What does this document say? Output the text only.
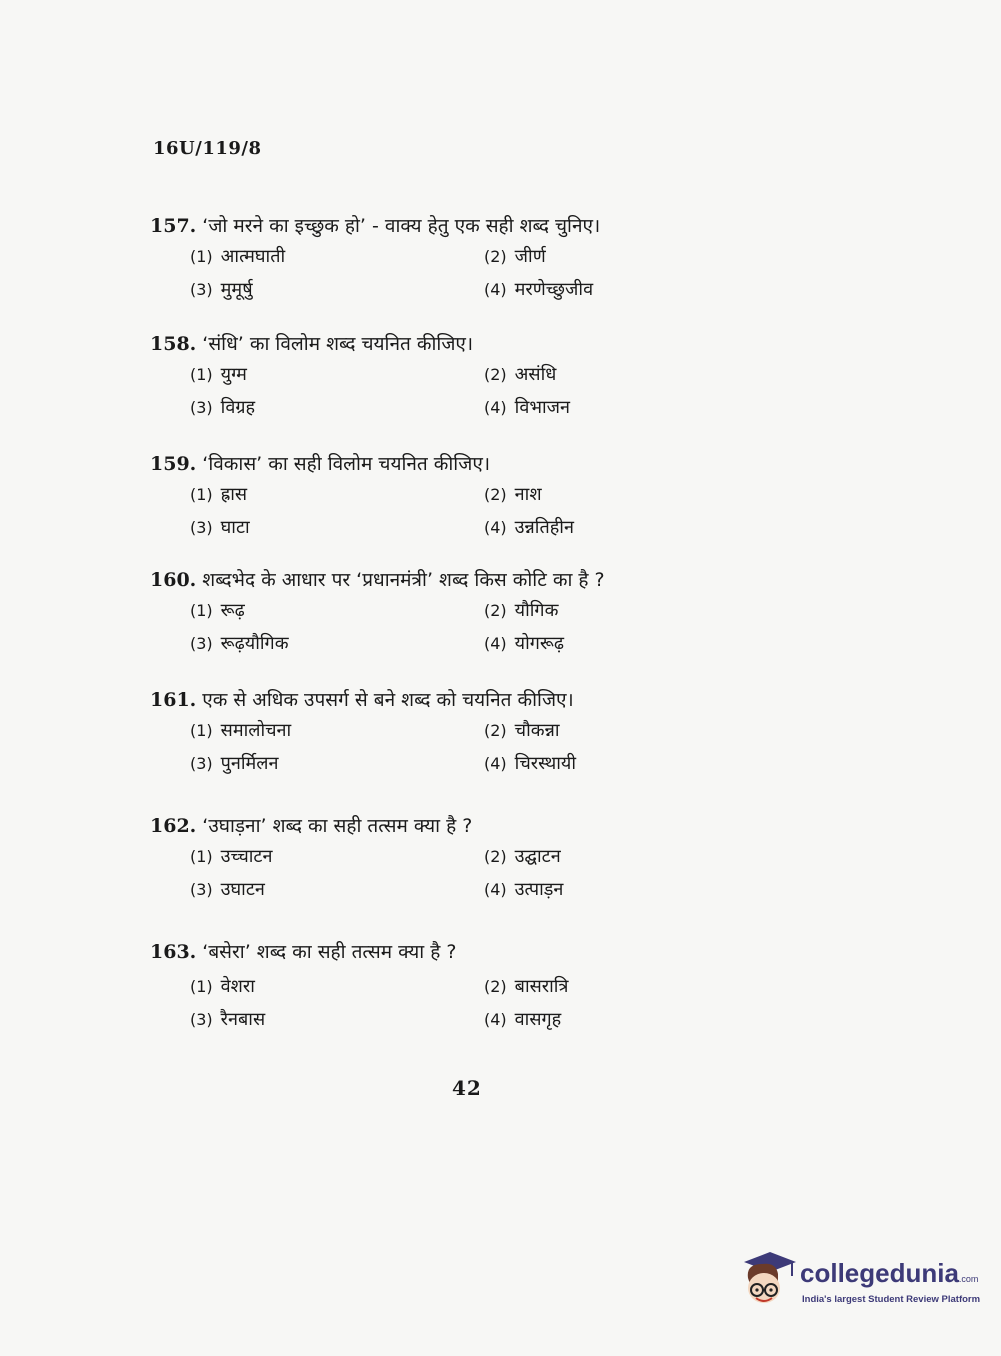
16U/119/8
157. ‘जो मरने का इच्छुक हो’ - वाक्य हेतु एक सही शब्द चुनिए।
(1) आत्मघाती	(2) जीर्ण
(3) मुमूर्षु	(4) मरणेच्छुजीव
158. ‘संधि’ का विलोम शब्द चयनित कीजिए।
(1) युग्म	(2) असंधि
(3) विग्रह	(4) विभाजन
159. ‘विकास’ का सही विलोम चयनित कीजिए।
(1) ह्रास	(2) नाश
(3) घाटा	(4) उन्नतिहीन
160. शब्दभेद के आधार पर ‘प्रधानमंत्री’ शब्द किस कोटि का है ?
(1) रूढ़	(2) यौगिक
(3) रूढ़यौगिक	(4) योगरूढ़
161. एक से अधिक उपसर्ग से बने शब्द को चयनित कीजिए।
(1) समालोचना	(2) चौकन्ना
(3) पुनर्मिलन	(4) चिरस्थायी
162. ‘उघाड़ना’ शब्द का सही तत्सम क्या है ?
(1) उच्चाटन	(2) उद्घाटन
(3) उघाटन	(4) उत्पाड़न
163. ‘बसेरा’ शब्द का सही तत्सम क्या है ?
(1) वेशरा	(2) बासरात्रि
(3) रैनबास	(4) वासगृह
42
collegedunia.com
India's largest Student Review Platform
